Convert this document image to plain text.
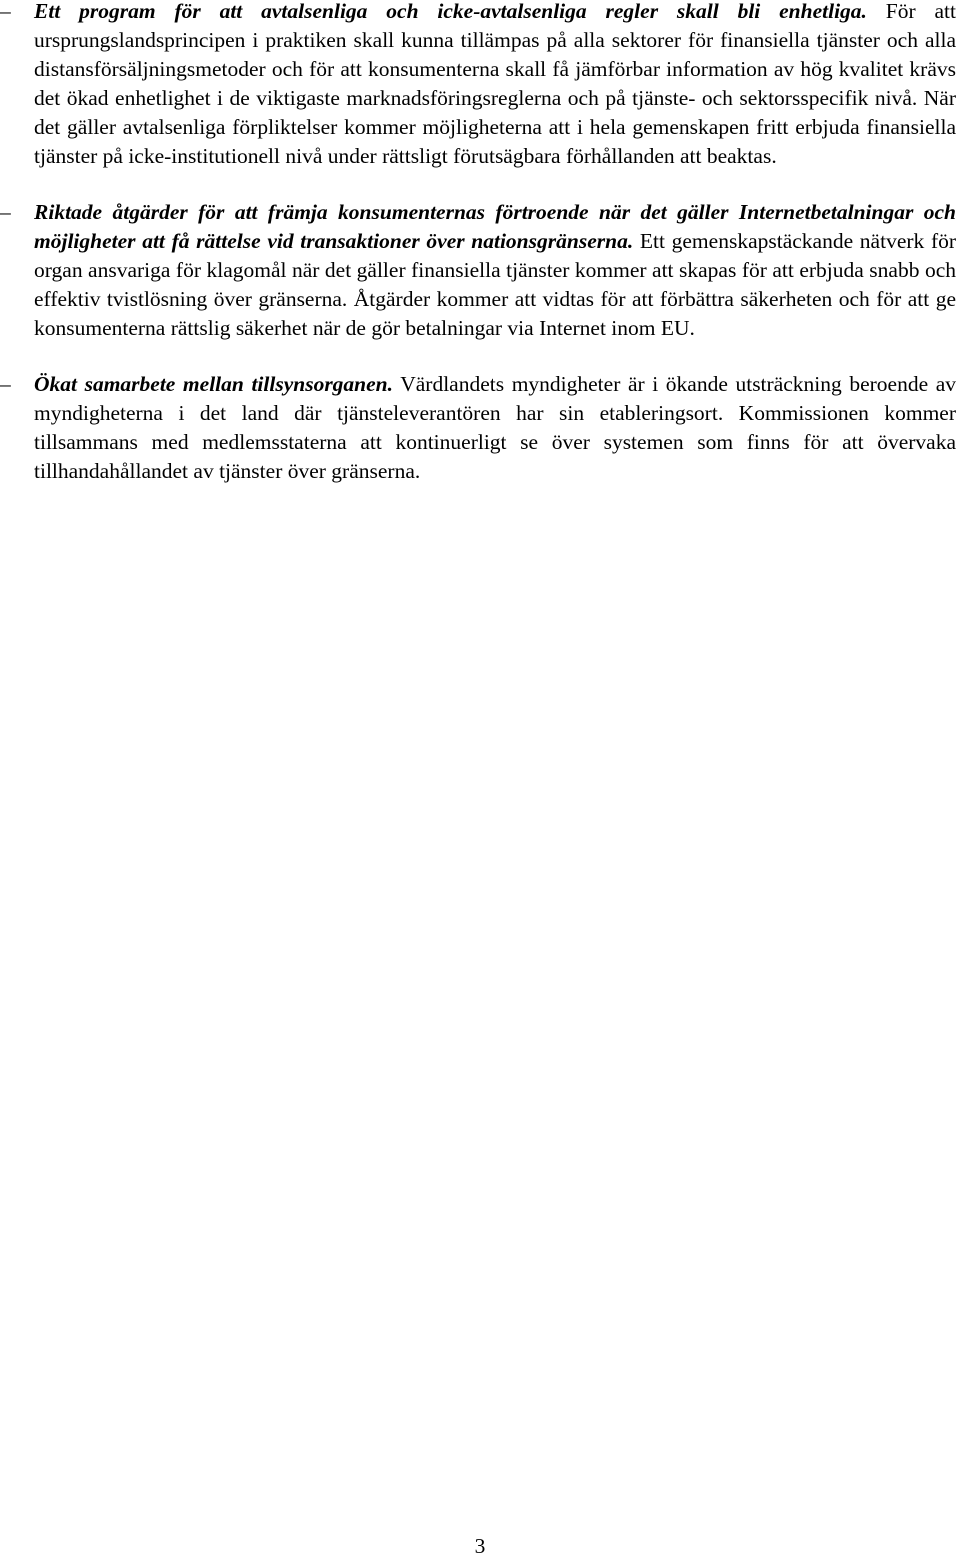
–	Ett program för att avtalsenliga och icke-avtalsenliga regler skall bli enhetliga. För att ursprungslandsprincipen i praktiken skall kunna tillämpas på alla sektorer för finansiella tjänster och alla distansförsäljningsmetoder och för att konsumenterna skall få jämförbar information av hög kvalitet krävs det ökad enhetlighet i de viktigaste marknadsföringsreglerna och på tjänste- och sektorsspecifik nivå. När det gäller avtalsenliga förpliktelser kommer möjligheterna att i hela gemenskapen fritt erbjuda finansiella tjänster på icke-institutionell nivå under rättsligt förutsägbara förhållanden att beaktas.
–	Riktade åtgärder för att främja konsumenternas förtroende när det gäller Internetbetalningar och möjligheter att få rättelse vid transaktioner över nationsgränserna. Ett gemenskapstäckande nätverk för organ ansvariga för klagomål när det gäller finansiella tjänster kommer att skapas för att erbjuda snabb och effektiv tvistlösning över gränserna. Åtgärder kommer att vidtas för att förbättra säkerheten och för att ge konsumenterna rättslig säkerhet när de gör betalningar via Internet inom EU.
–	Ökat samarbete mellan tillsynsorganen. Värdlandets myndigheter är i ökande utsträckning beroende av myndigheterna i det land där tjänsteleverantören har sin etableringsort. Kommissionen kommer tillsammans med medlemsstaterna att kontinuerligt se över systemen som finns för att övervaka tillhandahållandet av tjänster över gränserna.
3
